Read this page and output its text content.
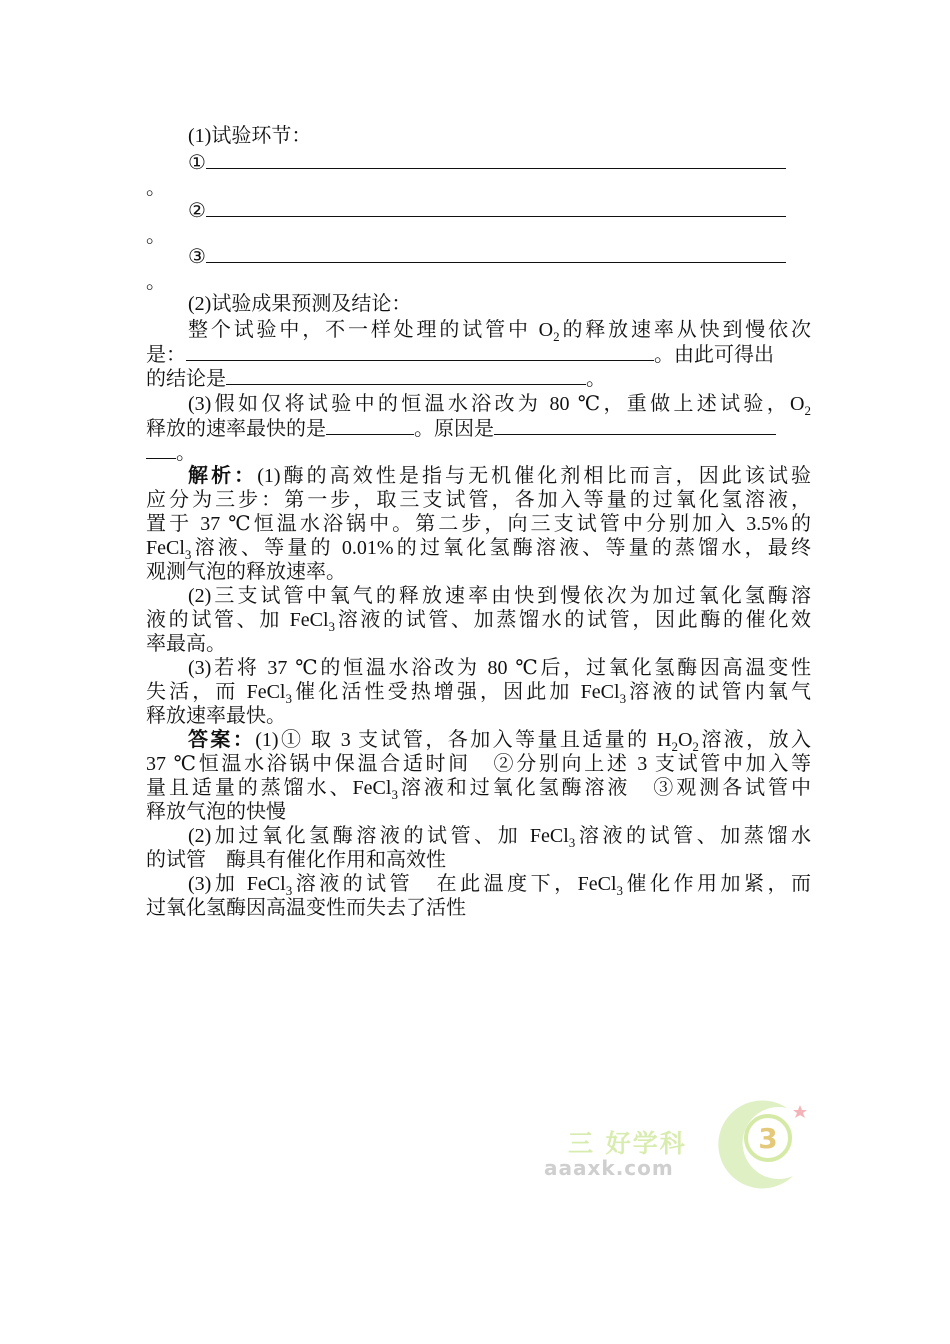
(1)试验环节：
①
。
②
。
③
。
(2)试验成果预测及结论：
整个试验中，不一样处理的试管中 $O_2$的释放速率从快到慢依次
是：	。由此可得出
的结论是	。
(3)假如仅将试验中的恒温水浴改为 80 ℃，重做上述试验，$O_2$
释放的速率最快的是	。原因是
。
解析：(1)酶的高效性是指与无机催化剂相比而言，因此该试验
应分为三步：第一步，取三支试管，各加入等量的过氧化氢溶液，
置于 37 ℃恒温水浴锅中。第二步，向三支试管中分别加入 3.5%的
FeCl$_3$溶液、等量的 0.01%的过氧化氢酶溶液、等量的蒸馏水，最终
观测气泡的释放速率。
(2)三支试管中氧气的释放速率由快到慢依次为加过氧化氢酶溶
液的试管、加 FeCl$_3$溶液的试管、加蒸馏水的试管，因此酶的催化效
率最高。
(3)若将 37 ℃的恒温水浴改为 80 ℃后，过氧化氢酶因高温变性
失活，而 FeCl$_3$催化活性受热增强，因此加 FeCl$_3$溶液的试管内氧气
释放速率最快。
答案：(1)① 取 3 支试管，各加入等量且适量的 $H_2O_2$溶液，放入
37 ℃恒温水浴锅中保温合适时间　②分别向上述 3 支试管中加入等
量且适量的蒸馏水、FeCl$_3$溶液和过氧化氢酶溶液　③观测各试管中
释放气泡的快慢
(2)加过氧化氢酶溶液的试管、加 FeCl$_3$溶液的试管、加蒸馏水
的试管　酶具有催化作用和高效性
(3)加 FeCl$_3$溶液的试管　在此温度下，FeCl$_3$催化作用加紧，而
过氧化氢酶因高温变性而失去了活性
三 好学科
aaaxk.com
3
